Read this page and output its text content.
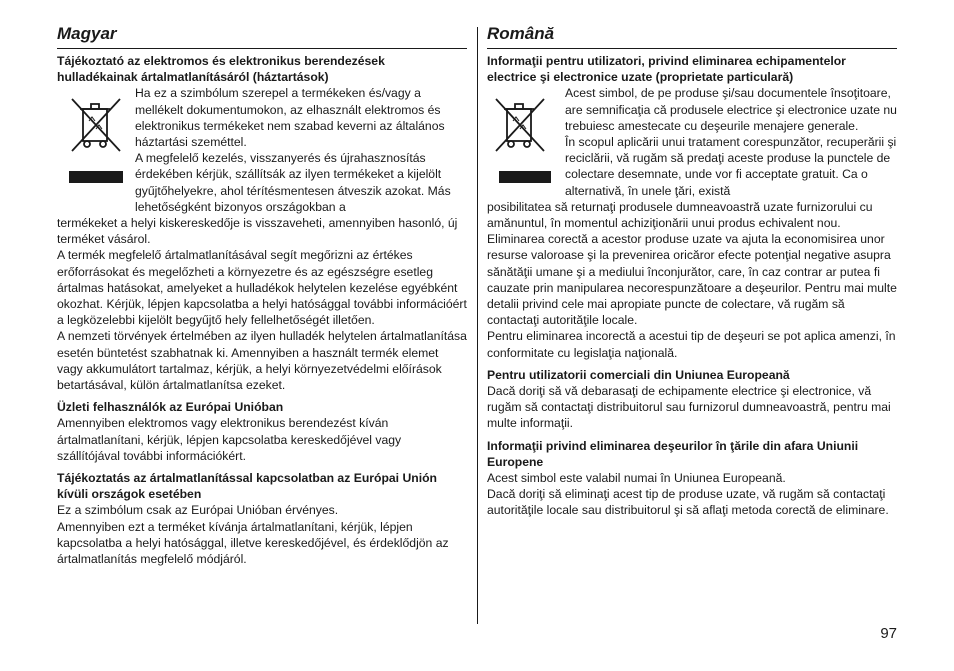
Magyar

Tájékoztató az elektromos és elektronikus berendezések hulladékainak ártalmatlanításáról (háztartások)

Ha ez a szimbólum szerepel a termékeken és/vagy a mellékelt dokumentumokon, az elhasznált elektromos és elektronikus termékeket nem szabad keverni az általános háztartási szeméttel.

A megfelelő kezelés, visszanyerés és újrahasznosítás érdekében kérjük, szállítsák az ilyen termékeket a kijelölt gyűjtőhelyekre, ahol térítésmentesen átveszik azokat. Más lehetőségként bizonyos országokban a

termékeket a helyi kiskereskedője is visszaveheti, amennyiben hasonló, új terméket vásárol.

A termék megfelelő ártalmatlanításával segít megőrizni az értékes erőforrásokat és megelőzheti a környezetre és az egészségre esetleg ártalmas hatásokat, amelyeket a hulladékok helytelen kezelése egyébként okozhat. Kérjük, lépjen kapcsolatba a helyi hatósággal további információért a legközelebbi kijelölt begyűjtő hely fellelhetőségét illetően.

A nemzeti törvények értelmében az ilyen hulladék helytelen ártalmatlanítása esetén büntetést szabhatnak ki. Amennyiben a használt termék elemet vagy akkumulátort tartalmaz, kérjük, a helyi környezetvédelmi előírások betartásával, külön ártalmatlanítsa ezeket.

Üzleti felhasználók az Európai Unióban

Amennyiben elektromos vagy elektronikus berendezést kíván ártalmatlanítani, kérjük, lépjen kapcsolatba kereskedőjével vagy szállítójával további információkért.

Tájékoztatás az ártalmatlanítással kapcsolatban az Európai Unión kívüli országok esetében

Ez a szimbólum csak az Európai Unióban érvényes.

Amennyiben ezt a terméket kívánja ártalmatlanítani, kérjük, lépjen kapcsolatba a helyi hatósággal, illetve kereskedőjével, és érdeklődjön az ártalmatlanítás megfelelő módjáról.

Română

Informaţii pentru utilizatori, privind eliminarea echipamentelor electrice şi electronice uzate (proprietate particulară)

Acest simbol, de pe produse şi/sau documentele însoţitoare, are semnificaţia că produsele electrice şi electronice uzate nu trebuiesc amestecate cu deşeurile menajere generale.

În scopul aplicării unui tratament corespunzător, recuperării şi reciclării, vă rugăm să predaţi aceste produse la punctele de colectare desemnate, unde vor fi acceptate gratuit. Ca o alternativă, în unele ţări, există

posibilitatea să returnaţi produsele dumneavoastră uzate furnizorului cu amănuntul, în momentul achiziţionării unui produs echivalent nou.

Eliminarea corectă a acestor produse uzate va ajuta la economisirea unor resurse valoroase şi la prevenirea oricăror efecte potenţial negative asupra sănătăţii umane şi a mediului înconjurător, care, în caz contrar ar putea fi cauzate prin manipularea necorespunzătoare a deşeurilor. Pentru mai multe detalii privind cele mai apropiate puncte de colectare, vă rugăm să contactaţi autorităţile locale.

Pentru eliminarea incorectă a acestui tip de deşeuri se pot aplica amenzi, în conformitate cu legislaţia naţională.

Pentru utilizatorii comerciali din Uniunea Europeană

Dacă doriţi să vă debarasaţi de echipamente electrice şi electronice, vă rugăm să contactaţi distribuitorul sau furnizorul dumneavoastră, pentru mai multe informaţii.

Informaţii privind eliminarea deşeurilor în ţările din afara Uniunii Europene

Acest simbol este valabil numai în Uniunea Europeană.

Dacă doriţi să eliminaţi acest tip de produse uzate, vă rugăm să contactaţi autorităţile locale sau distribuitorul şi să aflaţi metoda corectă de eliminare.

97
